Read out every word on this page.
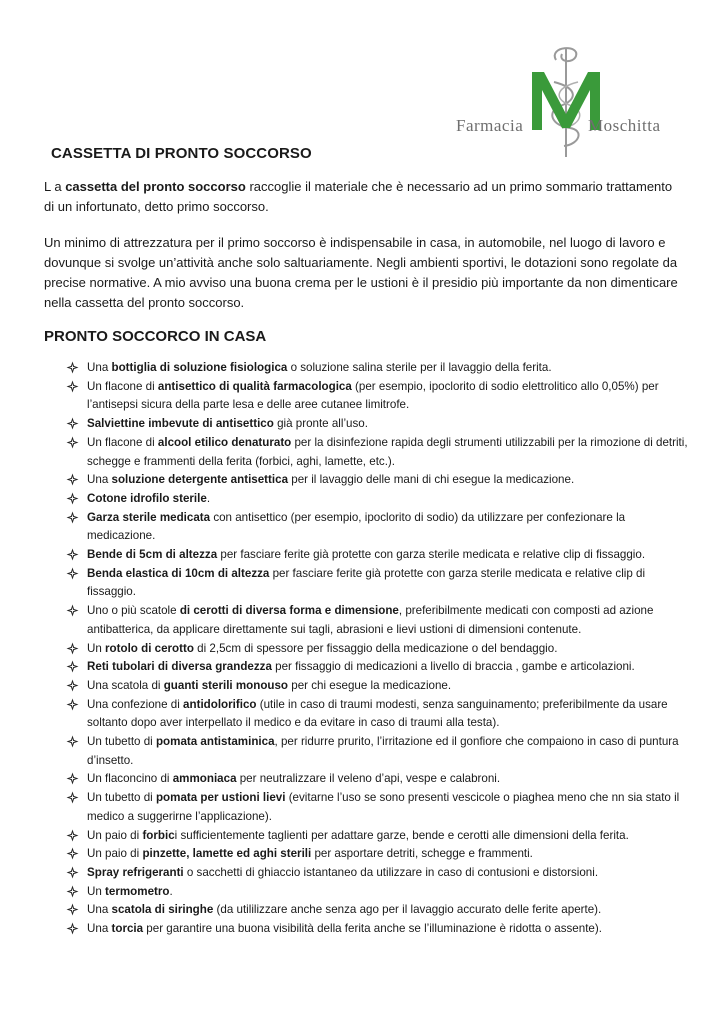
Farmacia	Moschitta
CASSETTA DI PRONTO SOCCORSO

L a cassetta del pronto soccorso raccoglie il materiale che è necessario ad un primo sommario trattamento di un infortunato, detto primo soccorso.

Un minimo di attrezzatura per il primo soccorso è indispensabile in casa, in automobile, nel luogo di lavoro e dovunque si svolge un’attività anche solo saltuariamente. Negli ambienti sportivi, le dotazioni sono regolate da precise normative. A mio avviso una buona crema per le ustioni è il presidio più importante da non dimenticare nella cassetta del pronto soccorso.

PRONTO SOCCORCO IN CASA
Una bottiglia di soluzione fisiologica o soluzione salina sterile per il lavaggio della ferita.
Un flacone di antisettico di qualità farmacologica (per esempio, ipoclorito di sodio elettrolitico allo 0,05%) per l’antisepsi sicura della parte lesa e delle aree cutanee limitrofe.
Salviettine imbevute di antisettico già pronte all’uso.
Un flacone di alcool etilico denaturato per la disinfezione rapida degli strumenti utilizzabili per la rimozione di detriti, schegge e frammenti della ferita (forbici, aghi, lamette, etc.).
Una soluzione detergente antisettica per il lavaggio delle mani di chi esegue la medicazione.
Cotone idrofilo sterile.
Garza sterile medicata con antisettico (per esempio, ipoclorito di sodio) da utilizzare per confezionare la medicazione.
Bende di 5cm di altezza per fasciare ferite già protette con garza sterile medicata e relative clip di fissaggio.
Benda elastica di 10cm di altezza per fasciare ferite già protette con garza sterile medicata e relative clip di fissaggio.
Uno o più scatole di cerotti di diversa forma e dimensione, preferibilmente medicati con composti ad azione antibatterica, da applicare direttamente sui tagli, abrasioni e lievi ustioni di dimensioni contenute.
Un rotolo di cerotto di 2,5cm di spessore per fissaggio della medicazione o del bendaggio.
Reti tubolari di diversa grandezza per fissaggio di medicazioni a livello di braccia , gambe e articolazioni.
Una scatola di guanti sterili monouso per chi esegue la medicazione.
Una confezione di antidolorifico (utile in caso di traumi modesti, senza sanguinamento; preferibilmente da usare soltanto dopo aver interpellato il medico e da evitare in caso di traumi alla testa).
Un tubetto di pomata antistaminica, per ridurre prurito, l’irritazione ed il gonfiore che compaiono in caso di puntura d’insetto.
Un flaconcino di ammoniaca per neutralizzare il veleno d’api, vespe e calabroni.
Un tubetto di pomata per ustioni lievi (evitarne l’uso se sono presenti vescicole o piaghea meno che nn sia stato il medico a suggerirne l’applicazione).
Un paio di forbici sufficientemente taglienti per adattare garze, bende e cerotti alle dimensioni della ferita.
Un paio di pinzette, lamette ed aghi sterili per asportare detriti, schegge e frammenti.
Spray refrigeranti o sacchetti di ghiaccio istantaneo da utilizzare in caso di contusioni e distorsioni.
Un termometro.
Una scatola di siringhe (da utililizzare anche senza ago per il lavaggio accurato delle ferite aperte).
Una torcia per garantire una buona visibilità della ferita anche se l’illuminazione è ridotta o assente).
